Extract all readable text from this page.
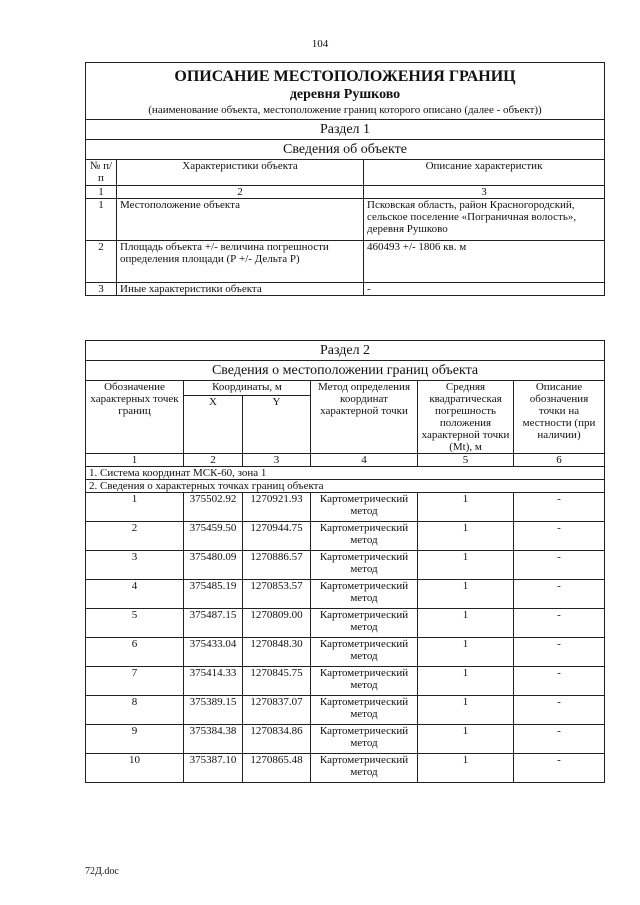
104
ОПИСАНИЕ МЕСТОПОЛОЖЕНИЯ ГРАНИЦ
деревня Рушково
(наименование объекта, местоположение границ которого описано (далее - объект))		

Раздел 1		
Сведения об объекте		
№ п/п	Характеристики объекта	Описание характеристик
1	2	3
1	Местоположение объекта	Псковская область, район Красногородский, сельское поселение «Пограничная волость», деревня Рушково
2	Площадь объекта +/- величина погрешности определения площади (Р +/- Дельта Р)	460493 +/- 1806 кв. м
3	Иные характеристики объекта	-
Раздел 2					
Сведения о местоположении границ объекта					
Обозначение характерных точек границ	Координаты, м		Метод определения координат характерной точки	Средняя квадратическая погрешность положения характерной точки (Mt), м	Описание обозначения точки на местности (при наличии)
	X	Y			
1	2	3	4	5	6
1. Система координат МСК-60, зона 1					
2. Сведения о характерных точках границ объекта					
1	375502.92	1270921.93	Картометрический метод	1	-
2	375459.50	1270944.75	Картометрический метод	1	-
3	375480.09	1270886.57	Картометрический метод	1	-
4	375485.19	1270853.57	Картометрический метод	1	-
5	375487.15	1270809.00	Картометрический метод	1	-
6	375433.04	1270848.30	Картометрический метод	1	-
7	375414.33	1270845.75	Картометрический метод	1	-
8	375389.15	1270837.07	Картометрический метод	1	-
9	375384.38	1270834.86	Картометрический метод	1	-
10	375387.10	1270865.48	Картометрический метод	1	-
72Д.doc
